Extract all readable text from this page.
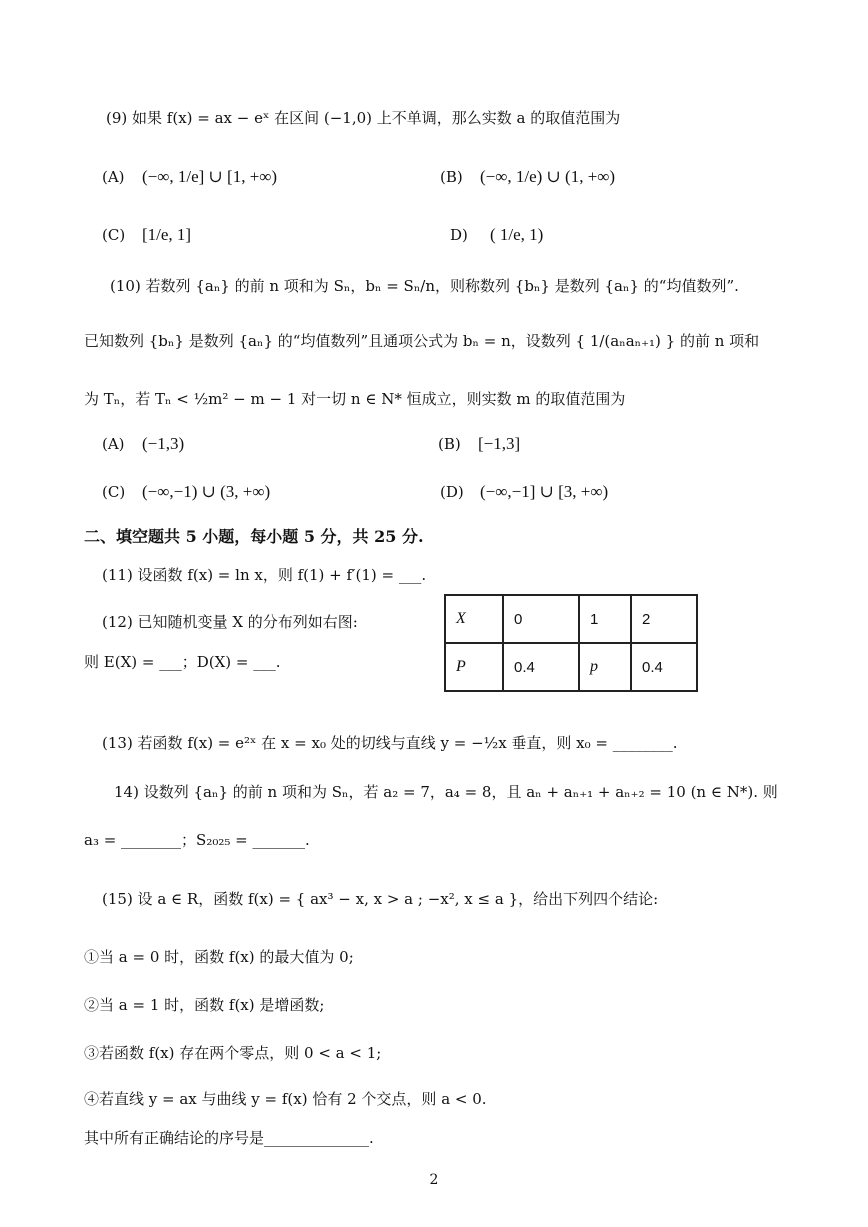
(9) 如果 f(x) = ax − eˣ 在区间 (−1,0) 上不单调，那么实数 a 的取值范围为
(A) (−∞, 1/e] ∪ [1, +∞)	(B) (−∞, 1/e) ∪ (1, +∞)
(C) [1/e, 1]	D) ( 1/e, 1)
(10) 若数列 {aₙ} 的前 n 项和为 Sₙ，bₙ = Sₙ/n，则称数列 {bₙ} 是数列 {aₙ} 的“均值数列”.
已知数列 {bₙ} 是数列 {aₙ} 的“均值数列”且通项公式为 bₙ = n，设数列 { 1/(aₙaₙ₊₁) } 的前 n 项和
为 Tₙ，若 Tₙ < ½m² − m − 1 对一切 n ∈ N* 恒成立，则实数 m 的取值范围为
(A) (−1,3)	(B) [−1,3]
(C) (−∞,−1) ∪ (3, +∞)	(D) (−∞,−1] ∪ [3, +∞)
二、填空题共 5 小题，每小题 5 分，共 25 分.
(11) 设函数 f(x) = ln x，则 f(1) + f′(1) = ___.
(12) 已知随机变量 X 的分布列如右图:
则 E(X) = ___；D(X) = ___.
X	0	1	2
P	0.4	p	0.4
(13) 若函数 f(x) = e²ˣ 在 x = x₀ 处的切线与直线 y = −½x 垂直，则 x₀ = ________.
14) 设数列 {aₙ} 的前 n 项和为 Sₙ，若 a₂ = 7，a₄ = 8，且 aₙ + aₙ₊₁ + aₙ₊₂ = 10 (n ∈ N*). 则
a₃ = ________；S₂₀₂₅ = _______.
(15) 设 a ∈ R，函数 f(x) = { ax³ − x, x > a ; −x², x ≤ a }，给出下列四个结论:
①当 a = 0 时，函数 f(x) 的最大值为 0;
②当 a = 1 时，函数 f(x) 是增函数;
③若函数 f(x) 存在两个零点，则 0 < a < 1;
④若直线 y = ax 与曲线 y = f(x) 恰有 2 个交点，则 a < 0.
其中所有正确结论的序号是______________.
2
